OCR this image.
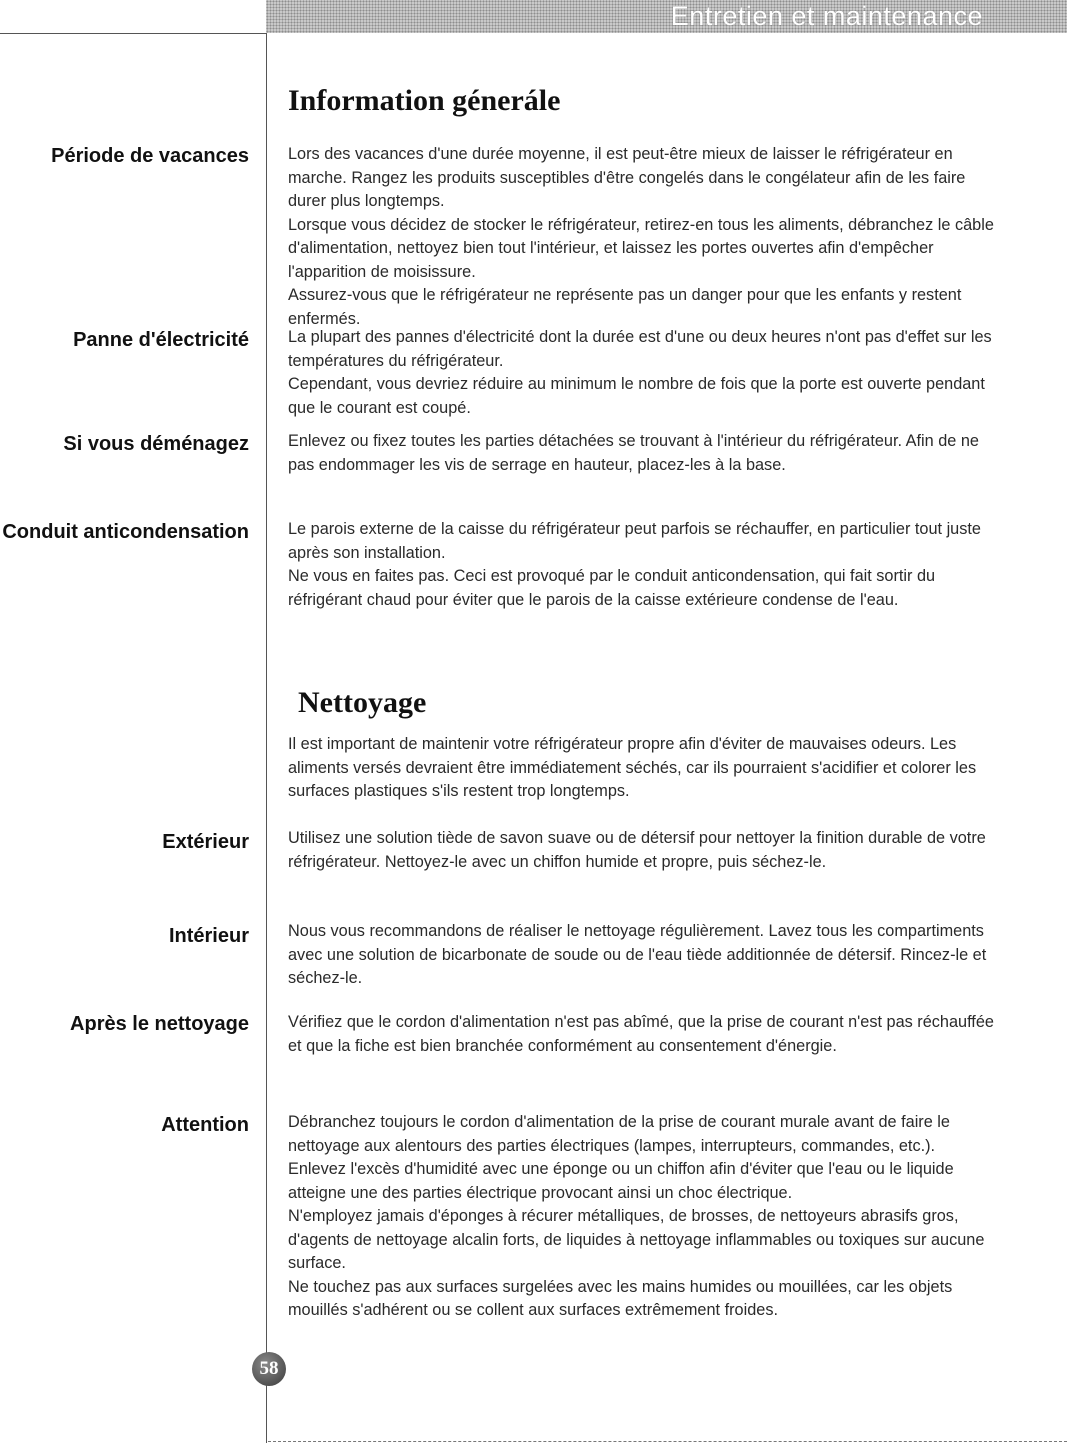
Entretien et maintenance
Information génerále
Période de vacances Lors des vacances d'une durée moyenne, il est peut-être mieux de laisser le réfrigérateur en marche. Rangez les produits susceptibles d'être congelés dans le congélateur afin de les faire durer plus longtemps.

Lorsque vous décidez de stocker le réfrigérateur, retirez-en tous les aliments, débranchez le câble d'alimentation, nettoyez bien tout l'intérieur, et laissez les portes ouvertes afin d'empêcher l'apparition de moisissure.

Assurez-vous que le réfrigérateur ne représente pas un danger pour que les enfants y restent enfermés.

Panne d'électricité La plupart des pannes d'électricité dont la durée est d'une ou deux heures n'ont pas d'effet sur les températures du réfrigérateur.

Cependant, vous devriez réduire au minimum le nombre de fois que la porte est ouverte pendant que le courant est coupé.

Si vous déménagez Enlevez ou fixez toutes les parties détachées se trouvant à l'intérieur du réfrigérateur. Afin de ne pas endommager les vis de serrage en hauteur, placez-les à la base.

Conduit anticondensation Le parois externe de la caisse du réfrigérateur peut parfois se réchauffer, en particulier tout juste après son installation.

Ne vous en faites pas. Ceci est provoqué par le conduit anticondensation, qui fait sortir du réfrigérant chaud pour éviter que le parois de la caisse extérieure condense de l'eau.

Nettoyage

Il est important de maintenir votre réfrigérateur propre afin d'éviter de mauvaises odeurs. Les aliments versés devraient être immédiatement séchés, car ils pourraient s'acidifier et colorer les surfaces plastiques s'ils restent trop longtemps.

Extérieur Utilisez une solution tiède de savon suave ou de détersif pour nettoyer la finition durable de votre réfrigérateur. Nettoyez-le avec un chiffon humide et propre, puis séchez-le.

Intérieur Nous vous recommandons de réaliser le nettoyage régulièrement. Lavez tous les compartiments avec une solution de bicarbonate de soude ou de l'eau tiède additionnée de détersif. Rincez-le et séchez-le.

Après le nettoyage Vérifiez que le cordon d'alimentation n'est pas abîmé, que la prise de courant n'est pas réchauffée et que la fiche est bien branchée conformément au consentement d'énergie.

Attention Débranchez toujours le cordon d'alimentation de la prise de courant murale avant de faire le nettoyage aux alentours des parties électriques (lampes, interrupteurs, commandes, etc.).

Enlevez l'excès d'humidité avec une éponge ou un chiffon afin d'éviter que l'eau ou le liquide atteigne une des parties électrique provocant ainsi un choc électrique.

N'employez jamais d'éponges à récurer métalliques, de brosses, de nettoyeurs abrasifs gros, d'agents de nettoyage alcalin forts, de liquides à nettoyage inflammables ou toxiques sur aucune surface.

Ne touchez pas aux surfaces surgelées avec les mains humides ou mouillées, car les objets mouillés s'adhérent ou se collent aux surfaces extrêmement froides.

58
